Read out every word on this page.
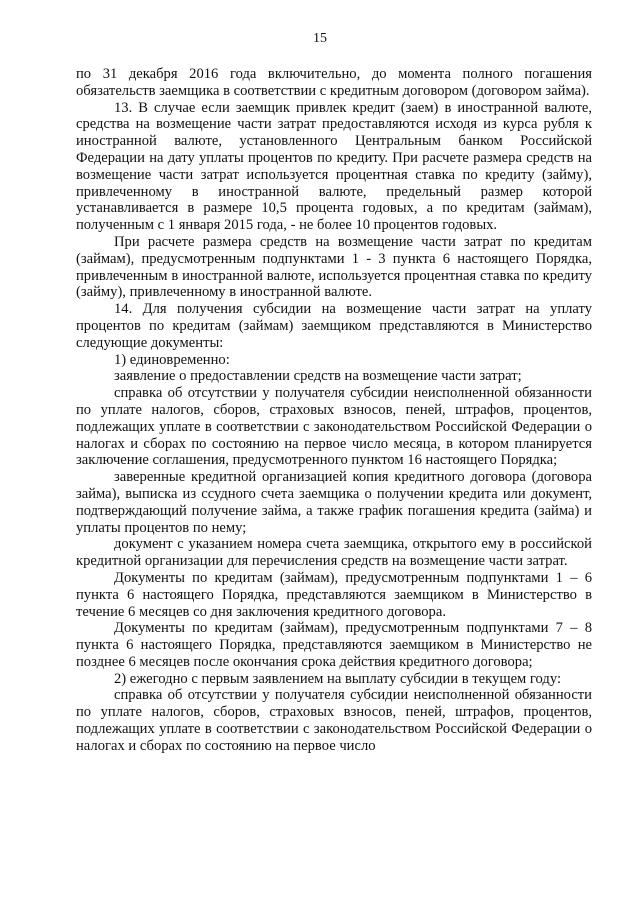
15

по 31 декабря 2016 года включительно, до момента полного погашения обязательств заемщика в соответствии с кредитным договором (договором займа).

13. В случае если заемщик привлек кредит (заем) в иностранной валюте, средства на возмещение части затрат предоставляются исходя из курса рубля к иностранной валюте, установленного Центральным банком Российской Федерации на дату уплаты процентов по кредиту. При расчете размера средств на возмещение части затрат используется процентная ставка по кредиту (займу), привлеченному в иностранной валюте, предельный размер которой устанавливается в размере 10,5 процента годовых, а по кредитам (займам), полученным с 1 января 2015 года, - не более 10 процентов годовых.

При расчете размера средств на возмещение части затрат по кредитам (займам), предусмотренным подпунктами 1 - 3 пункта 6 настоящего Порядка, привлеченным в иностранной валюте, используется процентная ставка по кредиту (займу), привлеченному в иностранной валюте.

14. Для получения субсидии на возмещение части затрат на уплату процентов по кредитам (займам) заемщиком представляются в Министерство следующие документы:

1) единовременно:

заявление о предоставлении средств на возмещение части затрат;

справка об отсутствии у получателя субсидии неисполненной обязанности по уплате налогов, сборов, страховых взносов, пеней, штрафов, процентов, подлежащих уплате в соответствии с законодательством Российской Федерации о налогах и сборах по состоянию на первое число месяца, в котором планируется заключение соглашения, предусмотренного пунктом 16 настоящего Порядка;

заверенные кредитной организацией копия кредитного договора (договора займа), выписка из ссудного счета заемщика о получении кредита или документ, подтверждающий получение займа, а также график погашения кредита (займа) и уплаты процентов по нему;

документ с указанием номера счета заемщика, открытого ему в российской кредитной организации для перечисления средств на возмещение части затрат.

Документы по кредитам (займам), предусмотренным подпунктами 1 – 6 пункта 6 настоящего Порядка, представляются заемщиком в Министерство в течение 6 месяцев со дня заключения кредитного договора.

Документы по кредитам (займам), предусмотренным подпунктами 7 – 8 пункта 6 настоящего Порядка, представляются заемщиком в Министерство не позднее 6 месяцев после окончания срока действия кредитного договора;

2) ежегодно с первым заявлением на выплату субсидии в текущем году:

справка об отсутствии у получателя субсидии неисполненной обязанности по уплате налогов, сборов, страховых взносов, пеней, штрафов, процентов, подлежащих уплате в соответствии с законодательством Российской Федерации о налогах и сборах по состоянию на первое число
